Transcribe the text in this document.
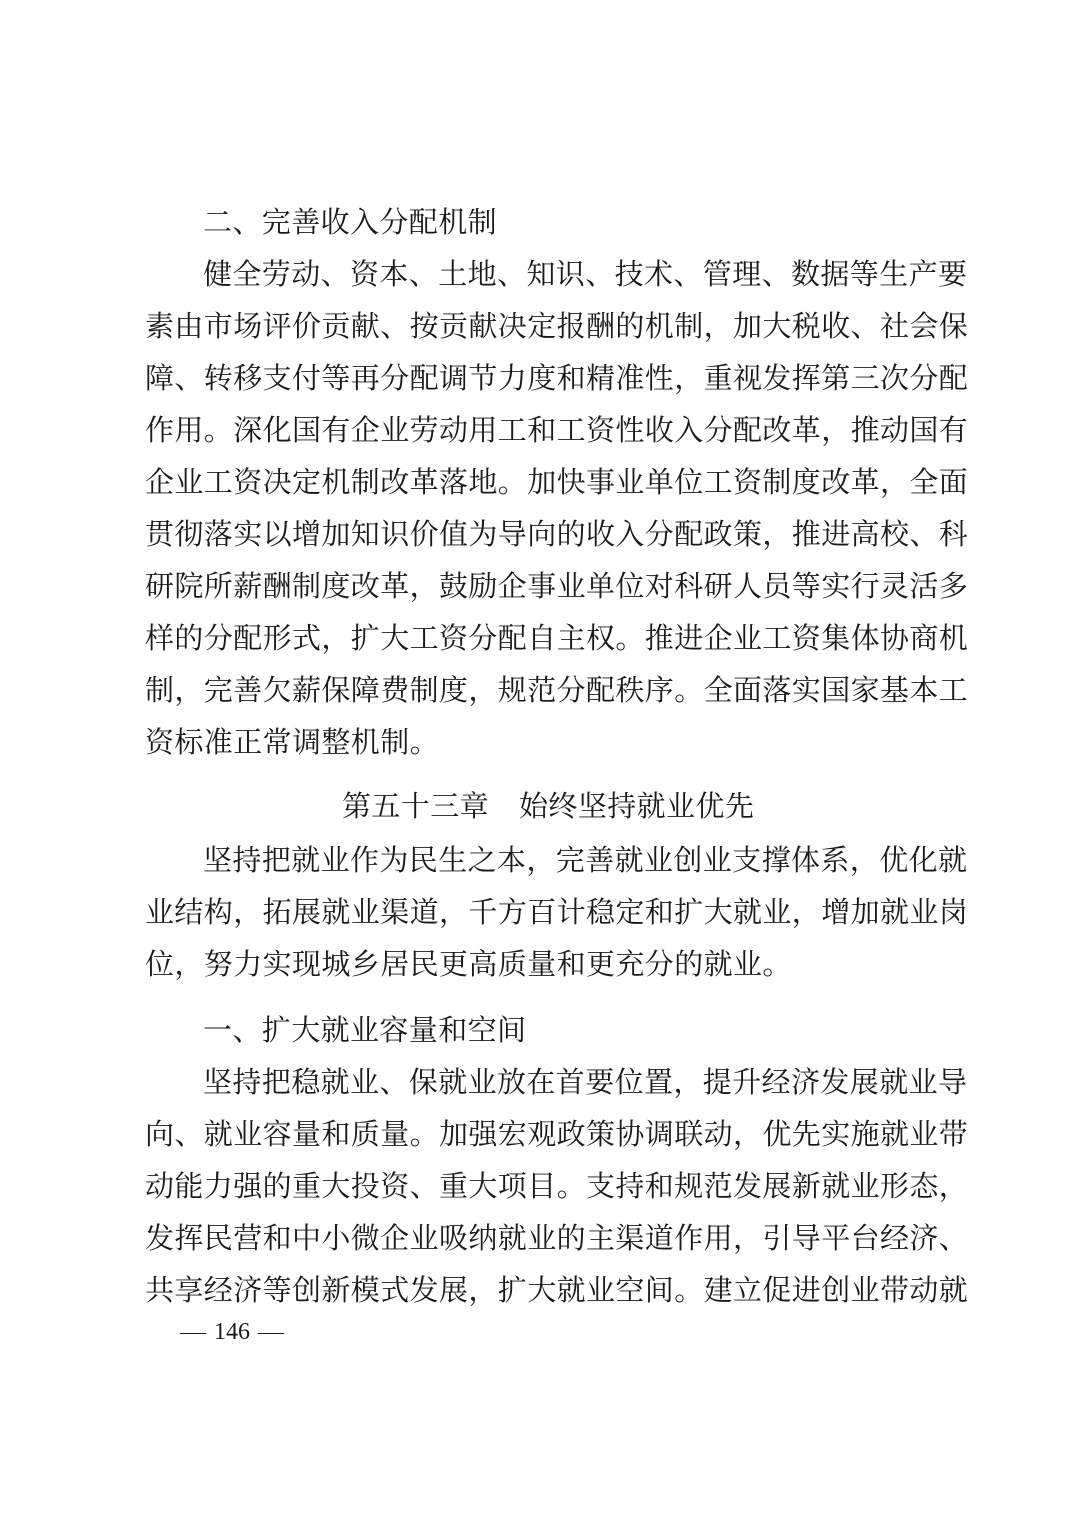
二、完善收入分配机制
健全劳动、资本、土地、知识、技术、管理、数据等生产要
素由市场评价贡献、按贡献决定报酬的机制，加大税收、社会保
障、转移支付等再分配调节力度和精准性，重视发挥第三次分配
作用。深化国有企业劳动用工和工资性收入分配改革，推动国有
企业工资决定机制改革落地。加快事业单位工资制度改革，全面
贯彻落实以增加知识价值为导向的收入分配政策，推进高校、科
研院所薪酬制度改革，鼓励企事业单位对科研人员等实行灵活多
样的分配形式，扩大工资分配自主权。推进企业工资集体协商机
制，完善欠薪保障费制度，规范分配秩序。全面落实国家基本工
资标准正常调整机制。
第五十三章 始终坚持就业优先
坚持把就业作为民生之本，完善就业创业支撑体系，优化就
业结构，拓展就业渠道，千方百计稳定和扩大就业，增加就业岗
位，努力实现城乡居民更高质量和更充分的就业。
一、扩大就业容量和空间
坚持把稳就业、保就业放在首要位置，提升经济发展就业导
向、就业容量和质量。加强宏观政策协调联动，优先实施就业带
动能力强的重大投资、重大项目。支持和规范发展新就业形态，
发挥民营和中小微企业吸纳就业的主渠道作用，引导平台经济、
共享经济等创新模式发展，扩大就业空间。建立促进创业带动就
146
